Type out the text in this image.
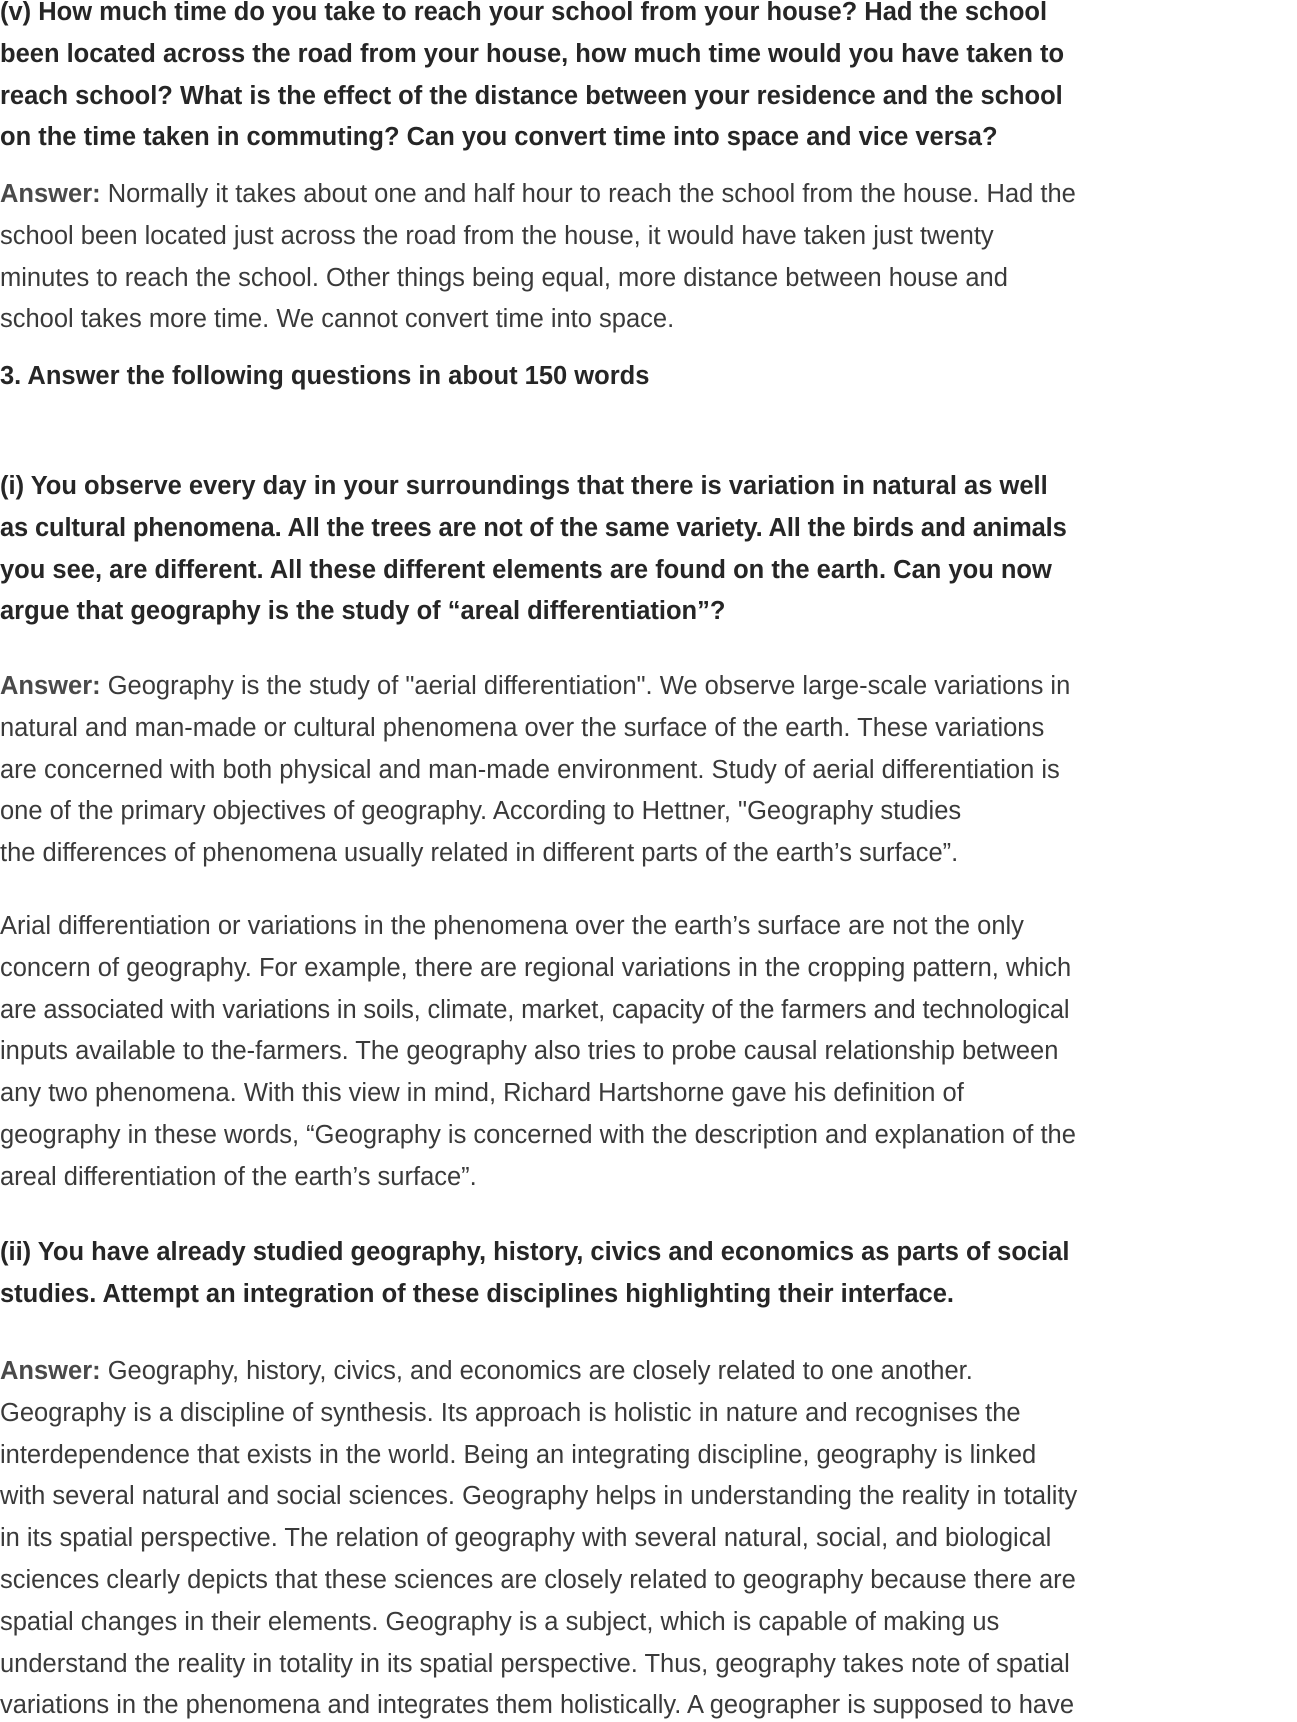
(v) How much time do you take to reach your school from your house? Had the school
been located across the road from your house, how much time would you have taken to
reach school? What is the effect of the distance between your residence and the school
on the time taken in commuting? Can you convert time into space and vice versa?
Answer: Normally it takes about one and half hour to reach the school from the house. Had the
school been located just across the road from the house, it would have taken just twenty
minutes to reach the school. Other things being equal, more distance between house and
school takes more time. We cannot convert time into space.
3. Answer the following questions in about 150 words
(i) You observe every day in your surroundings that there is variation in natural as well
as cultural phenomena. All the trees are not of the same variety. All the birds and animals
you see, are different. All these different elements are found on the earth. Can you now
argue that geography is the study of “areal differentiation”?
Answer: Geography is the study of "aerial differentiation". We observe large-scale variations in
natural and man-made or cultural phenomena over the surface of the earth. These variations
are concerned with both physical and man-made environment. Study of aerial differentiation is
one of the primary objectives of geography. According to Hettner, "Geography studies
the differences of phenomena usually related in different parts of the earth’s surface”.
Arial differentiation or variations in the phenomena over the earth’s surface are not the only
concern of geography. For example, there are regional variations in the cropping pattern, which
are associated with variations in soils, climate, market, capacity of the farmers and technological
inputs available to the-farmers. The geography also tries to probe causal relationship between
any two phenomena. With this view in mind, Richard Hartshorne gave his definition of
geography in these words, “Geography is concerned with the description and explanation of the
areal differentiation of the earth’s surface”.
(ii) You have already studied geography, history, civics and economics as parts of social
studies. Attempt an integration of these disciplines highlighting their interface.
Answer: Geography, history, civics, and economics are closely related to one another.
Geography is a discipline of synthesis. Its approach is holistic in nature and recognises the
interdependence that exists in the world. Being an integrating discipline, geography is linked
with several natural and social sciences. Geography helps in understanding the reality in totality
in its spatial perspective. The relation of geography with several natural, social, and biological
sciences clearly depicts that these sciences are closely related to geography because there are
spatial changes in their elements. Geography is a subject, which is capable of making us
understand the reality in totality in its spatial perspective. Thus, geography takes note of spatial
variations in the phenomena and integrates them holistically. A geographer is supposed to have
